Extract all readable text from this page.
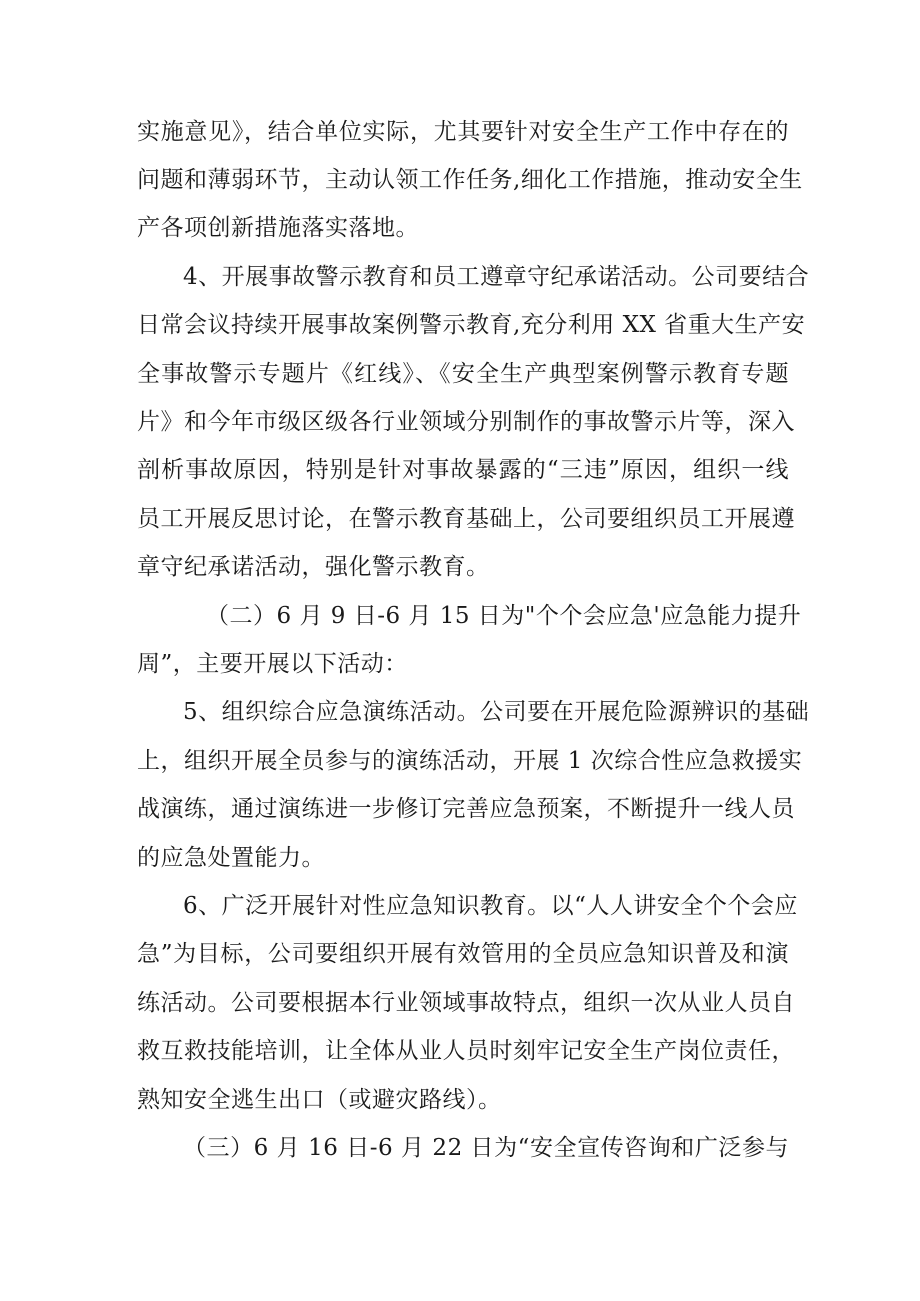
实施意见》，结合单位实际，尤其要针对安全生产工作中存在的
问题和薄弱环节，主动认领工作任务,细化工作措施，推动安全生
产各项创新措施落实落地。
4、开展事故警示教育和员工遵章守纪承诺活动。公司要结合
日常会议持续开展事故案例警示教育,充分利用 XX 省重大生产安
全事故警示专题片《红线》、《安全生产典型案例警示教育专题
片》和今年市级区级各行业领域分别制作的事故警示片等，深入
剖析事故原因，特别是针对事故暴露的“三违”原因，组织一线
员工开展反思讨论，在警示教育基础上，公司要组织员工开展遵
章守纪承诺活动，强化警示教育。
（二）6 月 9 日-6 月 15 日为"个个会应急'应急能力提升
周”，主要开展以下活动：
5、组织综合应急演练活动。公司要在开展危险源辨识的基础
上，组织开展全员参与的演练活动，开展 1 次综合性应急救援实
战演练，通过演练进一步修订完善应急预案，不断提升一线人员
的应急处置能力。
6、广泛开展针对性应急知识教育。以“人人讲安全个个会应
急”为目标，公司要组织开展有效管用的全员应急知识普及和演
练活动。公司要根据本行业领域事故特点，组织一次从业人员自
救互救技能培训，让全体从业人员时刻牢记安全生产岗位责任，
熟知安全逃生出口（或避灾路线）。
（三）6 月 16 日-6 月 22 日为“安全宣传咨询和广泛参与
